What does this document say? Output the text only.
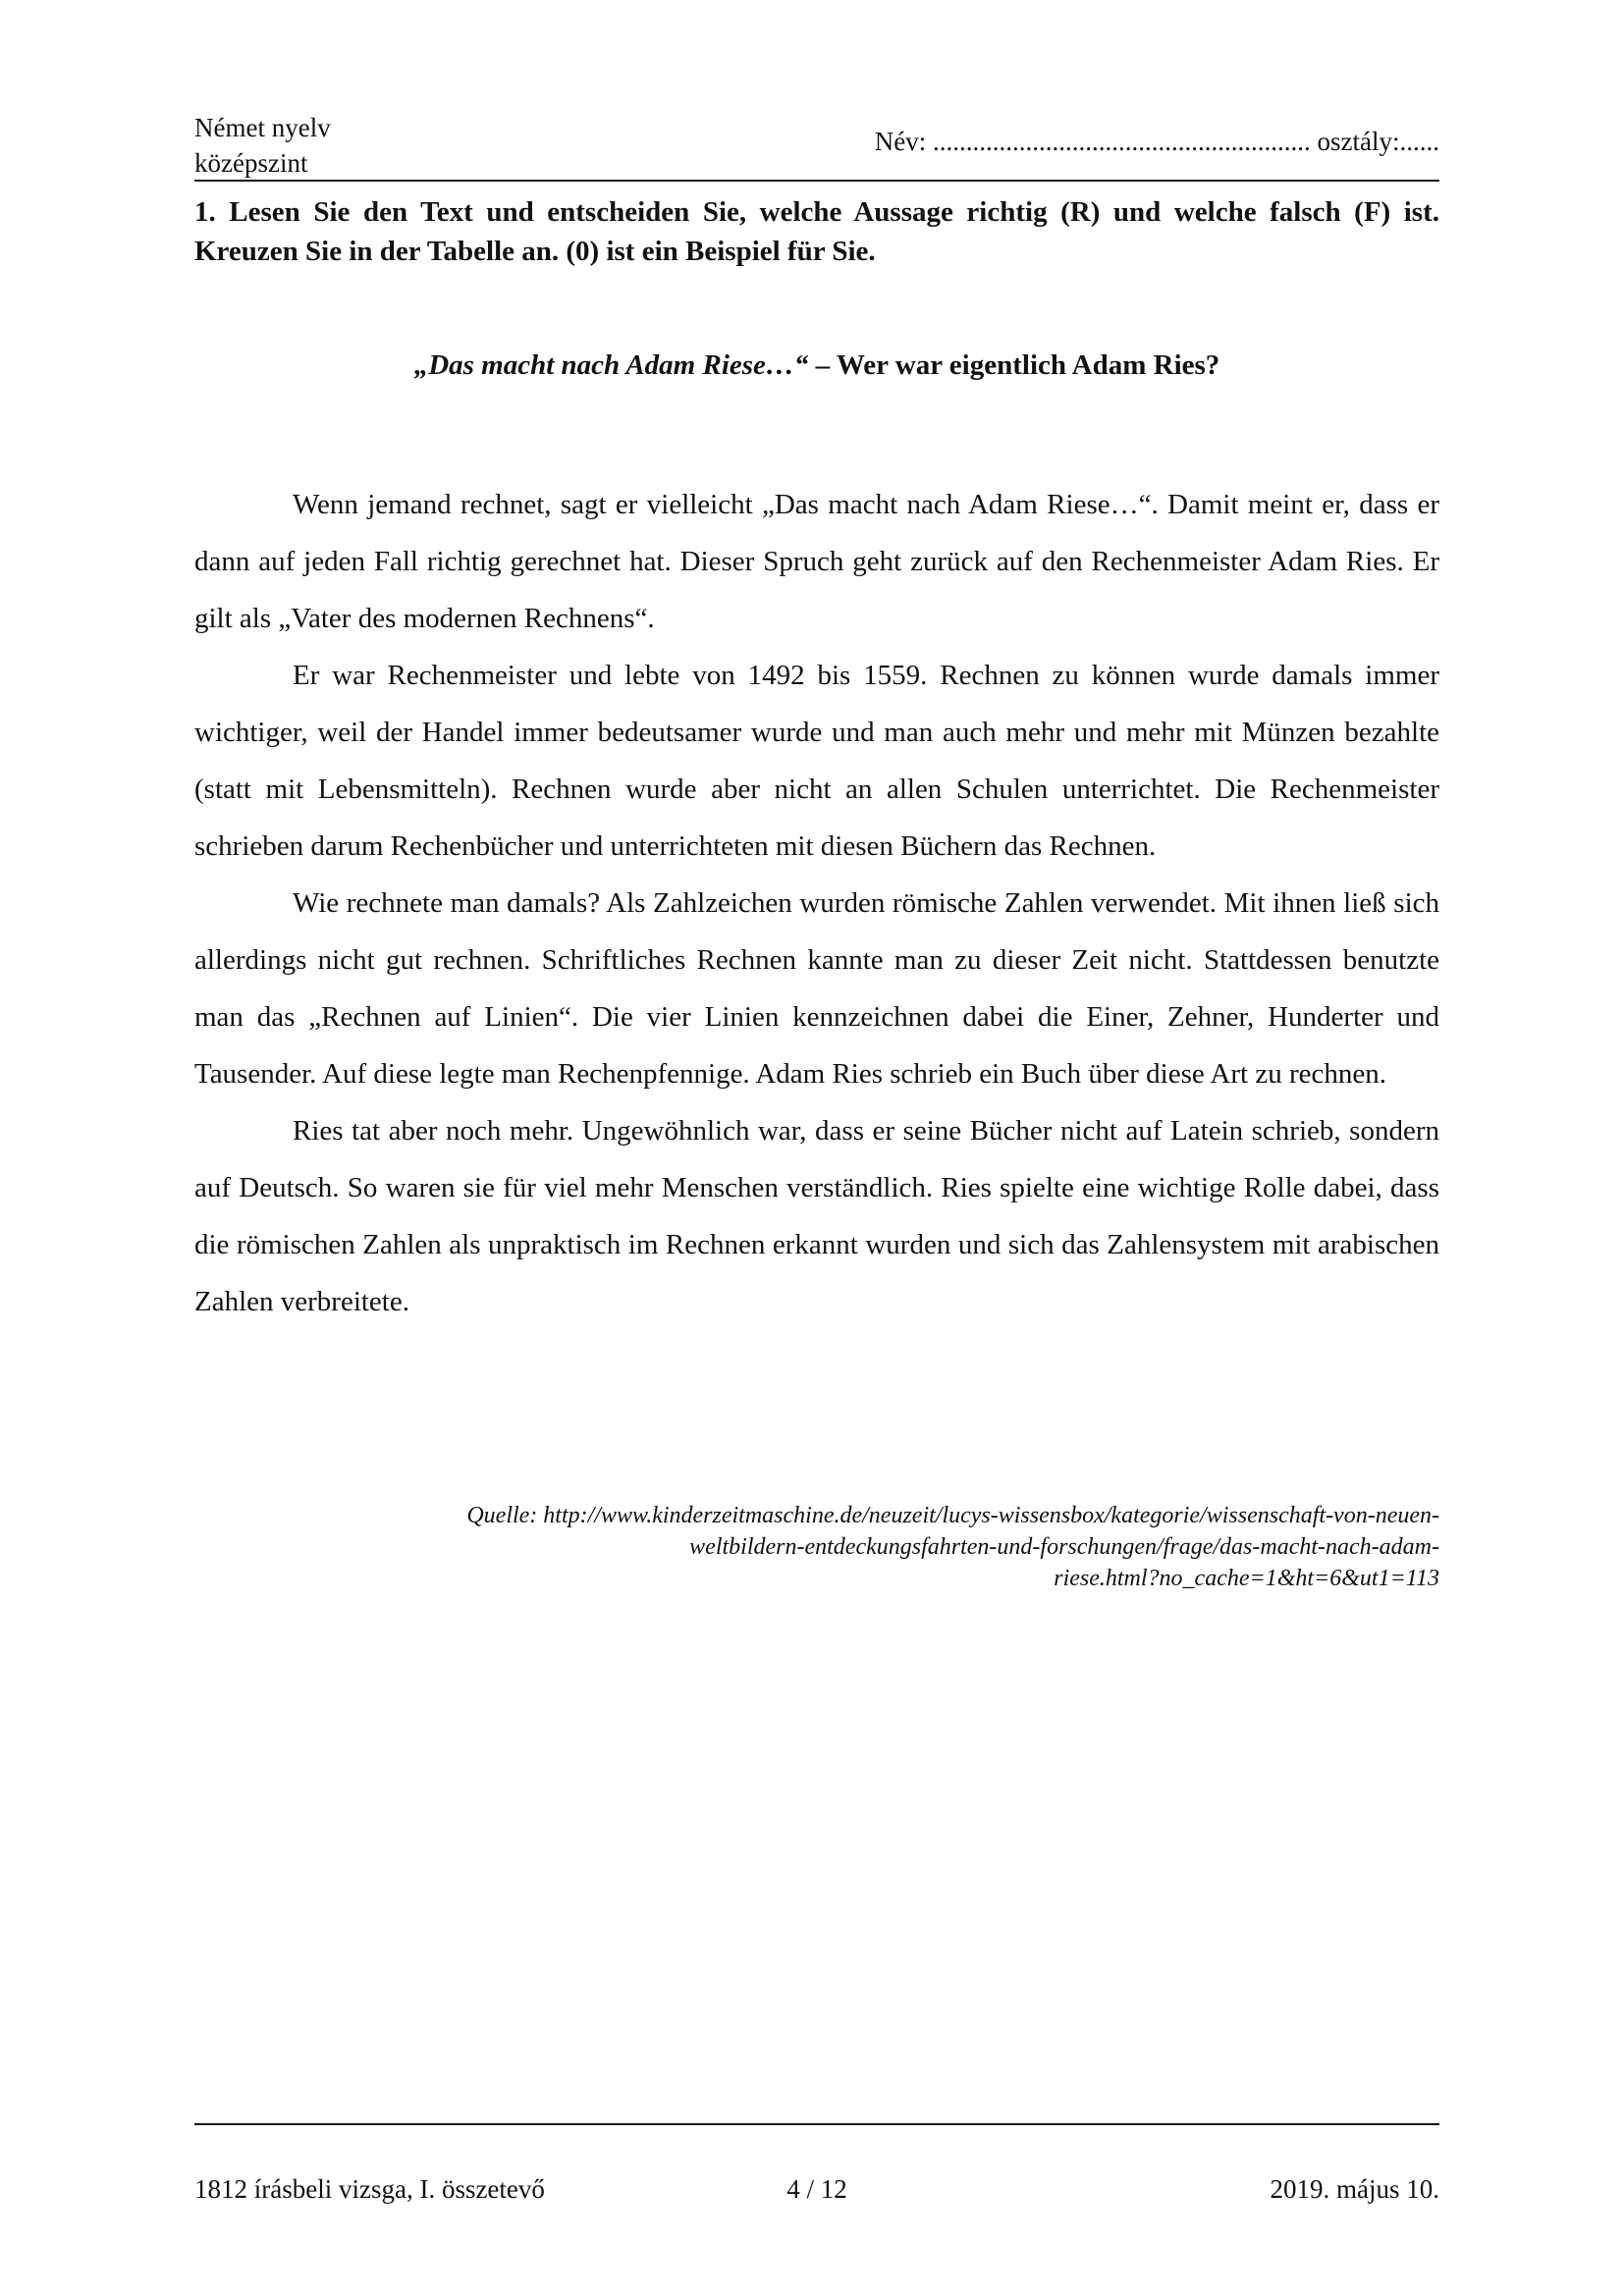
Német nyelv
középszint
Név: ......................................................... osztály:......

1. Lesen Sie den Text und entscheiden Sie, welche Aussage richtig (R) und welche falsch (F) ist. Kreuzen Sie in der Tabelle an. (0) ist ein Beispiel für Sie.

„Das macht nach Adam Riese…“ – Wer war eigentlich Adam Ries?

Wenn jemand rechnet, sagt er vielleicht „Das macht nach Adam Riese…“. Damit meint er, dass er dann auf jeden Fall richtig gerechnet hat. Dieser Spruch geht zurück auf den Rechenmeister Adam Ries. Er gilt als „Vater des modernen Rechnens“.

Er war Rechenmeister und lebte von 1492 bis 1559. Rechnen zu können wurde damals immer wichtiger, weil der Handel immer bedeutsamer wurde und man auch mehr und mehr mit Münzen bezahlte (statt mit Lebensmitteln). Rechnen wurde aber nicht an allen Schulen unterrichtet. Die Rechenmeister schrieben darum Rechenbücher und unterrichteten mit diesen Büchern das Rechnen.

Wie rechnete man damals? Als Zahlzeichen wurden römische Zahlen verwendet. Mit ihnen ließ sich allerdings nicht gut rechnen. Schriftliches Rechnen kannte man zu dieser Zeit nicht. Stattdessen benutzte man das „Rechnen auf Linien“. Die vier Linien kennzeichnen dabei die Einer, Zehner, Hunderter und Tausender. Auf diese legte man Rechenpfennige. Adam Ries schrieb ein Buch über diese Art zu rechnen.

Ries tat aber noch mehr. Ungewöhnlich war, dass er seine Bücher nicht auf Latein schrieb, sondern auf Deutsch. So waren sie für viel mehr Menschen verständlich. Ries spielte eine wichtige Rolle dabei, dass die römischen Zahlen als unpraktisch im Rechnen erkannt wurden und sich das Zahlensystem mit arabischen Zahlen verbreitete.

Quelle: http://www.kinderzeitmaschine.de/neuzeit/lucys-wissensbox/kategorie/wissenschaft-von-neuen-
weltbildern-entdeckungsfahrten-und-forschungen/frage/das-macht-nach-adam-
riese.html?no_cache=1&ht=6&ut1=113
4 / 12
1812 írásbeli vizsga, I. összetevő	2019. május 10.
